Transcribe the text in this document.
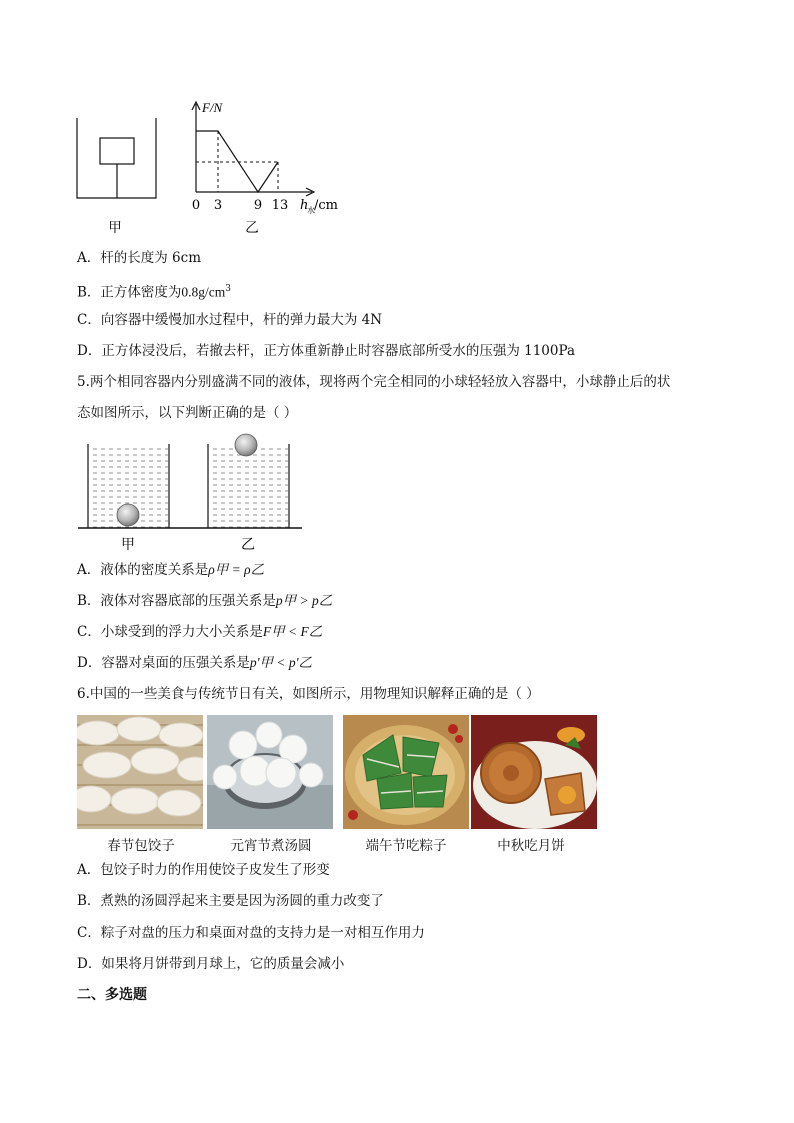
甲
F/N
0 3 9 13 h
水 /cm
乙
A．杆的长度为 6cm
B．正方体密度为$0.8g/cm^3$
C．向容器中缓慢加水过程中，杆的弹力最大为 4N
D．正方体浸没后，若撤去杆，正方体重新静止时容器底部所受水的压强为 1100Pa
5.两个相同容器内分别盛满不同的液体，现将两个完全相同的小球轻轻放入容器中，小球静止后的状
态如图所示，以下判断正确的是（ ）
甲	乙
A．液体的密度关系是ρ甲 = ρ乙
B．液体对容器底部的压强关系是p甲 > p乙
C．小球受到的浮力大小关系是F甲 < F乙
D．容器对桌面的压强关系是p'甲 < p'乙
6.中国的一些美食与传统节日有关，如图所示，用物理知识解释正确的是（ ）
春节包饺子	元宵节煮汤圆	端午节吃粽子	中秋吃月饼
A．包饺子时力的作用使饺子皮发生了形变
B．煮熟的汤圆浮起来主要是因为汤圆的重力改变了
C．粽子对盘的压力和桌面对盘的支持力是一对相互作用力
D．如果将月饼带到月球上，它的质量会减小
二、多选题
